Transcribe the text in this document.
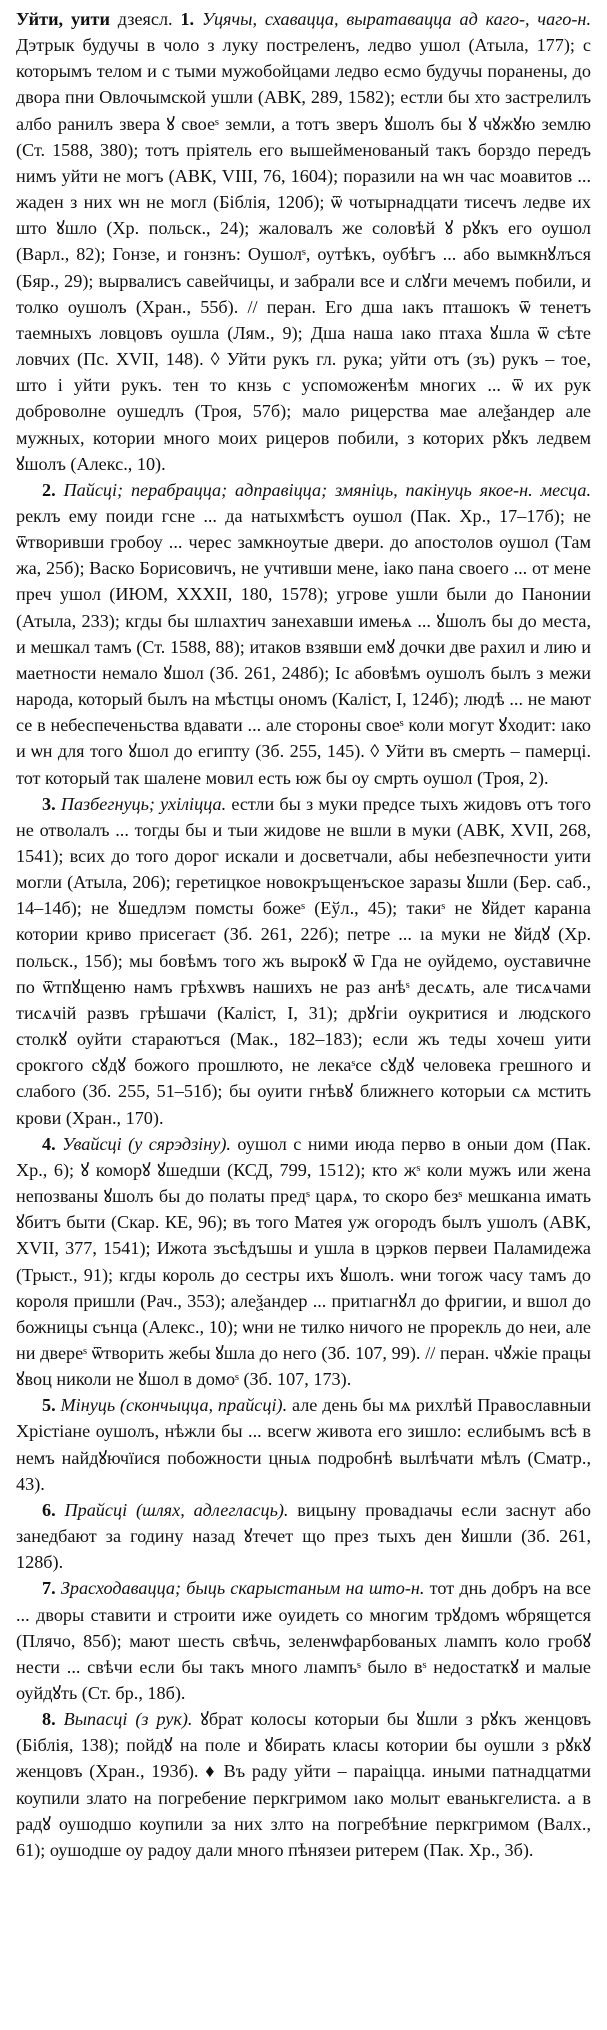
Уйти, уити дзеясл. 1. Уцячы, схавацца, выратавацца ад каго-, чаго-н. Дэтрык будучы в чоло з луку постреленъ, ледво ушол (Атыла, 177); с которымъ телом и с тыми мужобойцами ледво есмо будучы поранены, до двора пни Овлочымской ушли (АВК, 289, 1582); естли бы хто застрелилъ албо ранилъ зверa ꙋ своеˢ земли, а тотъ зверъ ꙋшолъ бы ꙋ чꙋжꙋю землю (Ст. 1588, 380); тотъ пріятель его вышейменованый такъ борздо передъ нимъ уйти не могъ (АВК, VIII, 76, 1604); поразили на ѡн час моавитов ... жаден з них ѡн не могл (Біблія, 120б); ѿ чотырнадцати тисечъ ледве их што ꙋшло (Хр. польск., 24); жаловалъ же соловѣй ꙋ рꙋкъ его оушол (Варл., 82); Гонзе, и гонзнъ: Оушолˢ, оутѣкъ, оубѣгъ ... або вымкнꙋлъся (Бяр., 29); вырвалисъ савейчицы, и забрали все и слꙋги мечемъ побили, и толко оушолъ (Хран., 55б). // перан. Его дша ıакъ пташокъ ѿ тенетъ таемныхъ ловцовъ оушла (Лям., 9); Дша наша ıако птаха ꙋшла ѿ сѣте ловчих (Пс. XVII, 148). ◊ Уйти рукъ гл. рука; уйти отъ (зъ) рукъ – тое, што і уйти рукъ. тен то кнзь с успоможенѣм многих ... ѿ их рук доброволне оушедлъ (Троя, 57б); мало рицерства мае алеѯандер але мужных, котории много моих рицеров побили, з которих рꙋкъ ледвем ꙋшолъ (Алекс., 10).

2. Пайсці; перабрацца; адправіцца; змяніць, пакінуць якое-н. месца. реклъ ему поиди гсне ... да натыхмѣстъ оушол (Пак. Хр., 17–17б); не ѿтворивши гробоу ... черес замкноутые двери. до апостолов оушол (Там жа, 25б); Васко Борисовичъ, не учтивши мене, іако пана своего ... от мене преч ушол (ИЮМ, XXXII, 180, 1578); угрове ушли были до Панонии (Атыла, 233); кгды бы шлıахтич занехавши имењѧ ... ꙋшолъ бы до места, и мешкал тамъ (Ст. 1588, 88); итаков взявши емꙋ дочки две рахил и лию и маетности немало ꙋшол (Зб. 261, 248б); Іс абовѣмъ оушолъ былъ з межи народа, который былъ на мѣстцы ономъ (Калiст, I, 124б); людѣ ... не мают се в небеспеченьства вдавати ... але стороны своеˢ коли могут ꙋходит: ıако и ѡн для того ꙋшол до египту (Зб. 255, 145). ◊ Уйти въ смерть – памерці. тот который так шалене мовил есть юж бы оу смрть оушол (Троя, 2).

3. Пазбегнуць; ухіліцца. естли бы з муки предсе тыхъ жидовъ отъ того не отволалъ ... тогды бы и тыи жидове не вшли в муки (АВК, XVII, 268, 1541); всих до того дорог искали и досветчали, абы небезпечности уити могли (Атыла, 206); геретицкое новокръщенъское заразы ꙋшли (Бер. саб., 14–14б); не ꙋшедлэм помсты божеˢ (Еўл., 45); такиˢ не ꙋйдет каранıа котории криво присегаєт (Зб. 261, 22б); петре ... ıа муки не ꙋйдꙋ (Хр. польск., 15б); мы бовѣмъ того жъ вырокꙋ ѿ Гда не оуйдемо, оуставичне по ѿтпꙋщеню намъ грѣхѡвъ нашихъ не раз анѣˢ десѧть, але тисѧчами тисѧчій развъ грѣшачи (Калiст, I, 31); дрꙋгіи оукритися и людского столкꙋ оуйти стараютъся (Мак., 182–183); если жъ теды хочеш уити срокгого сꙋдꙋ божого прошлюто, не лекаˢсе сꙋдꙋ человека грешного и слабого (Зб. 255, 51–51б); бы оуити гнѣвꙋ ближнего которыи сѧ мстить крови (Хран., 170).

4. Увайсці (у сярэдзіну). оушол с ними июда перво в оныи дом (Пак. Хр., 6); ꙋ коморꙋ ꙋшедши (КСД, 799, 1512); кто жˢ коли мужъ или жена непозваны ꙋшолъ бы до полаты предˢ цaрѧ, то скоро безˢ мешканıа имать ꙋбитъ быти (Скар. КЕ, 96); въ того Матея уж огородъ былъ ушолъ (АВК, XVII, 377, 1541); Ижота зъсѣдъшы и ушла в цэрков первеи Паламидежа (Трыст., 91); кгды король до сестры ихъ ꙋшолъ. ѡни тогож часу тамъ до короля пришли (Рач., 353); алеѯандер ... притıагнꙋл до фригии, и вшол до божницы сънца (Алекс., 10); ѡни не тилко ничого не прорекль до неи, але ни двереˢ ѿтворить жебы ꙋшла до него (Зб. 107, 99). // перан. чꙋжіе працы ꙋвоц николи не ꙋшол в домоˢ (Зб. 107, 173).

5. Мінуць (скончыцца, прайсці). але день бы мѧ рихлѣй Православныи Хрістіане оушолъ, нѣжли бы ... всегѡ живота его зишло: еслибымъ всѣ в немъ найдꙋючїися побожности цныѧ подробнѣ вылѣчати мѣлъ (Сматр., 43).

6. Прайсці (шлях, адлегласць). вицыну провадıачы если заснут або занедбают за годину назад ꙋтечет що през тыхъ ден ꙋишли (Зб. 261, 128б).

7. Зрасходавацца; быць скарыстаным на што-н. тот днь добръ на все ... дворы ставити и строити иже оуидеть со многим трꙋдомъ ѡбрящется (Плячо, 85б); мают шесть свѣчь, зеленѡфарбованых лıампъ коло гробꙋ нести ... свѣчи если бы такъ много лıампъˢ было вˢ недостаткꙋ и малые оуйдꙋть (Ст. бр., 18б).

8. Выпасці (з рук). ꙋбрат колосы которыи бы ꙋшли з рꙋкъ женцовъ (Біблія, 138); пойдꙋ на поле и ꙋбирать класы котории бы оушли з рꙋкꙋ женцовъ (Хран., 193б). ♦ Въ раду уйти – параіцца. иными патнадцатми коупили злато на погребение перкгримом ıако молыт еванькгелиста. а в радꙋ оушодшо коупили за них злто на погребѣние перкгримом (Валх., 61); оушодше оу радоу дали много пѣнязеи ритерем (Пак. Хр., 3б).
